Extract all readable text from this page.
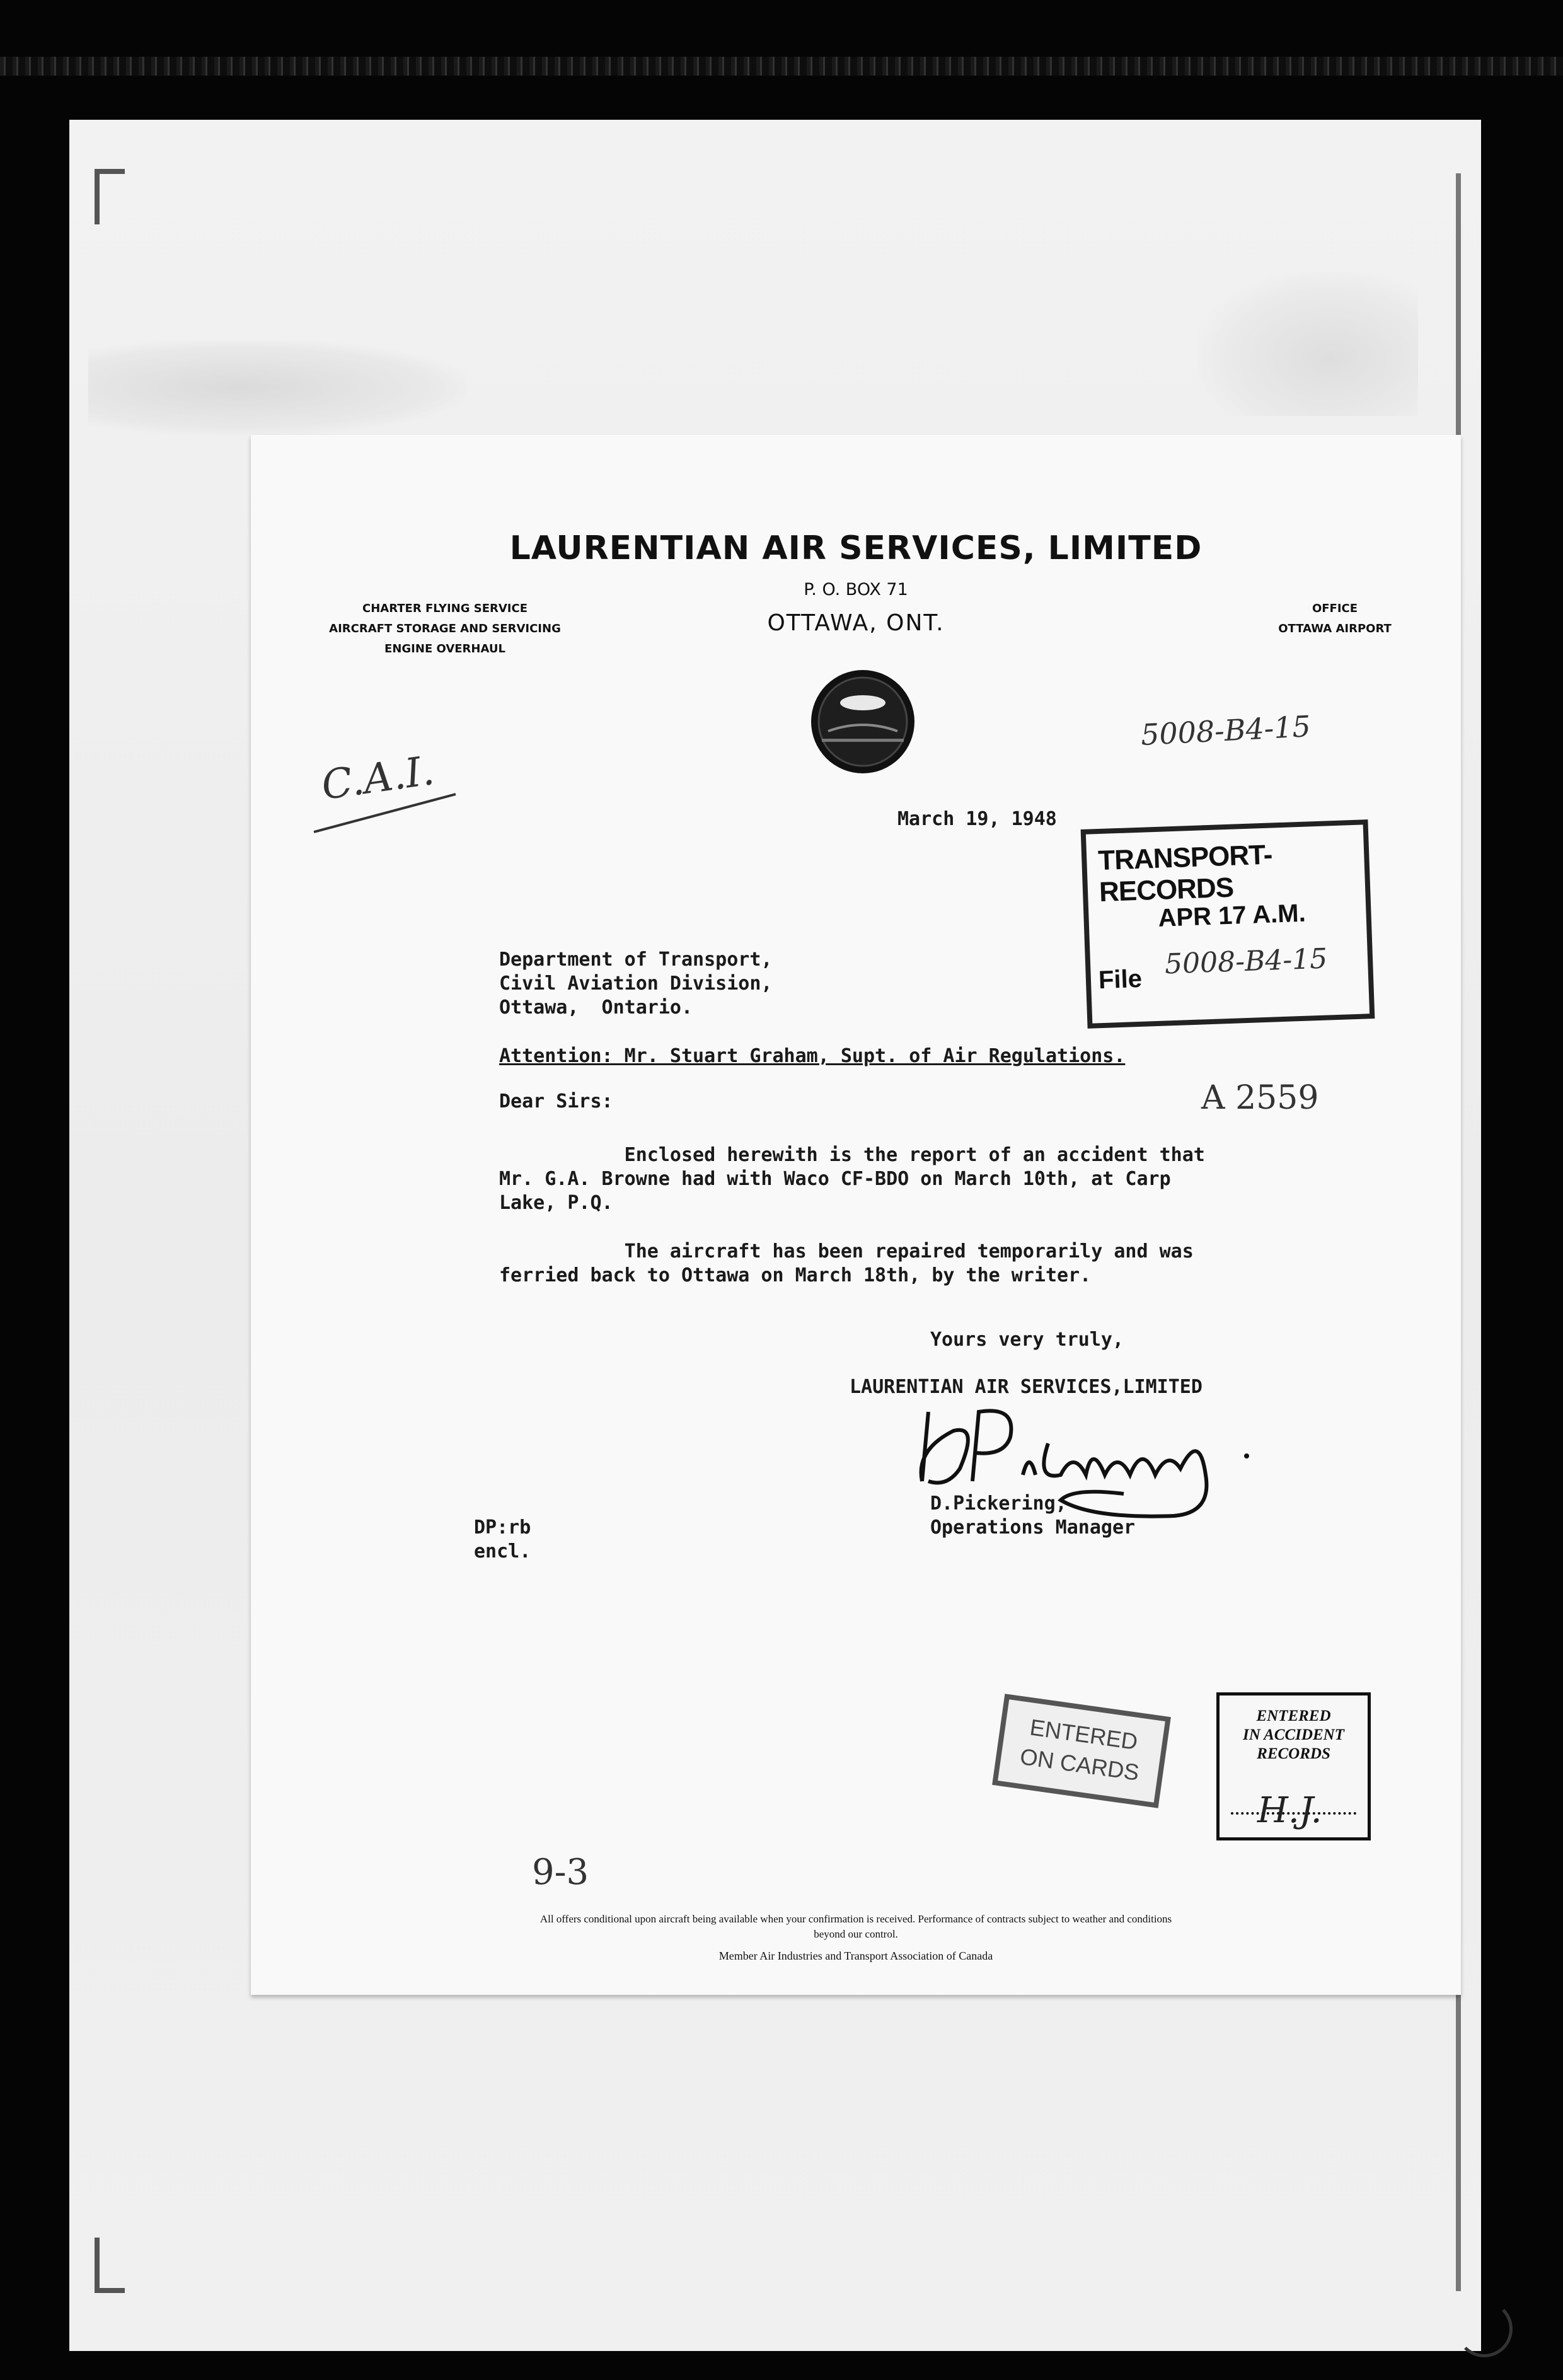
LAURENTIAN AIR SERVICES, LIMITED
P. O. BOX 71
OTTAWA, ONT.
CHARTER FLYING SERVICE
AIRCRAFT STORAGE AND SERVICING
ENGINE OVERHAUL
OFFICE
OTTAWA AIRPORT
5008-B4-15
C.A.I.
March 19, 1948
TRANSPORT-RECORDS
APR 17 A.M.
File 5008-B4-15
Department of Transport,
Civil Aviation Division,
Ottawa,  Ontario.
Attention: Mr. Stuart Graham, Supt. of Air Regulations.
Dear Sirs:	A 2559
Enclosed herewith is the report of an accident that
Mr. G.A. Browne had with Waco CF-BDO on March 10th, at Carp
Lake, P.Q.
The aircraft has been repaired temporarily and was
ferried back to Ottawa on March 18th, by the writer.
Yours very truly,
LAURENTIAN AIR SERVICES,LIMITED
D.Pickering,
Operations Manager
DP:rb
encl.
ENTERED
ON CARDS
ENTERED
IN ACCIDENT
RECORDS
H.J.
9-3
All offers conditional upon aircraft being available when your confirmation is received. Performance of contracts subject to weather and conditions
beyond our control.
Member Air Industries and Transport Association of Canada
